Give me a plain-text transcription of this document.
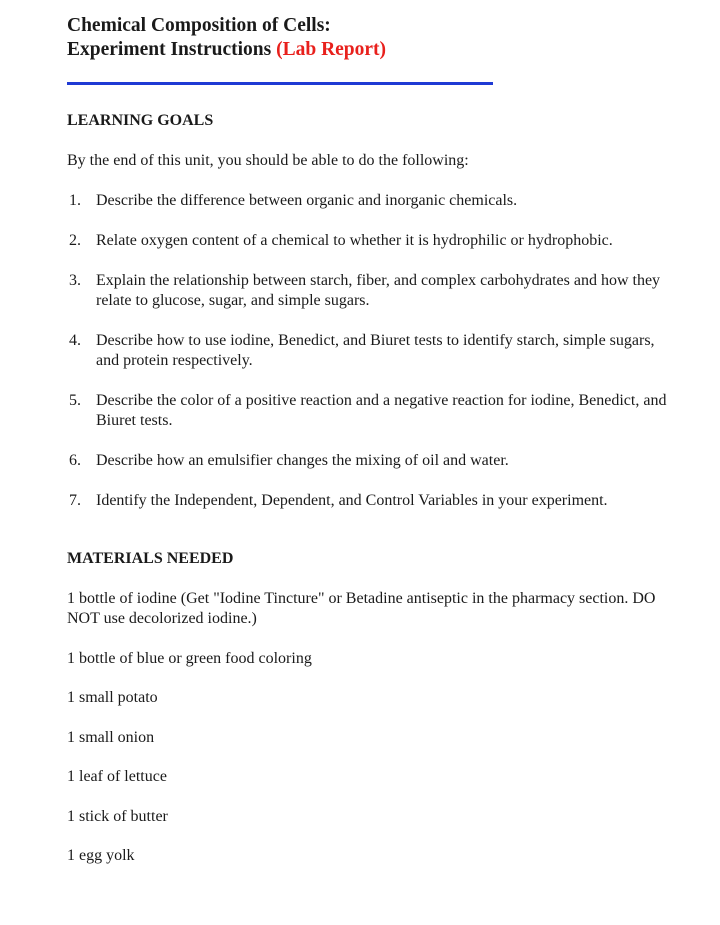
Chemical Composition of Cells:
Experiment Instructions (Lab Report)
LEARNING GOALS

By the end of this unit, you should be able to do the following:

1. Describe the difference between organic and inorganic chemicals.
2. Relate oxygen content of a chemical to whether it is hydrophilic or hydrophobic.
3. Explain the relationship between starch, fiber, and complex carbohydrates and how they relate to glucose, sugar, and simple sugars.
4. Describe how to use iodine, Benedict, and Biuret tests to identify starch, simple sugars, and protein respectively.
5. Describe the color of a positive reaction and a negative reaction for iodine, Benedict, and Biuret tests.
6. Describe how an emulsifier changes the mixing of oil and water.
7. Identify the Independent, Dependent, and Control Variables in your experiment.
MATERIALS NEEDED

1 bottle of iodine (Get "Iodine Tincture" or Betadine antiseptic in the pharmacy section. DO NOT use decolorized iodine.)

1 bottle of blue or green food coloring

1 small potato

1 small onion

1 leaf of lettuce

1 stick of butter

1 egg yolk
